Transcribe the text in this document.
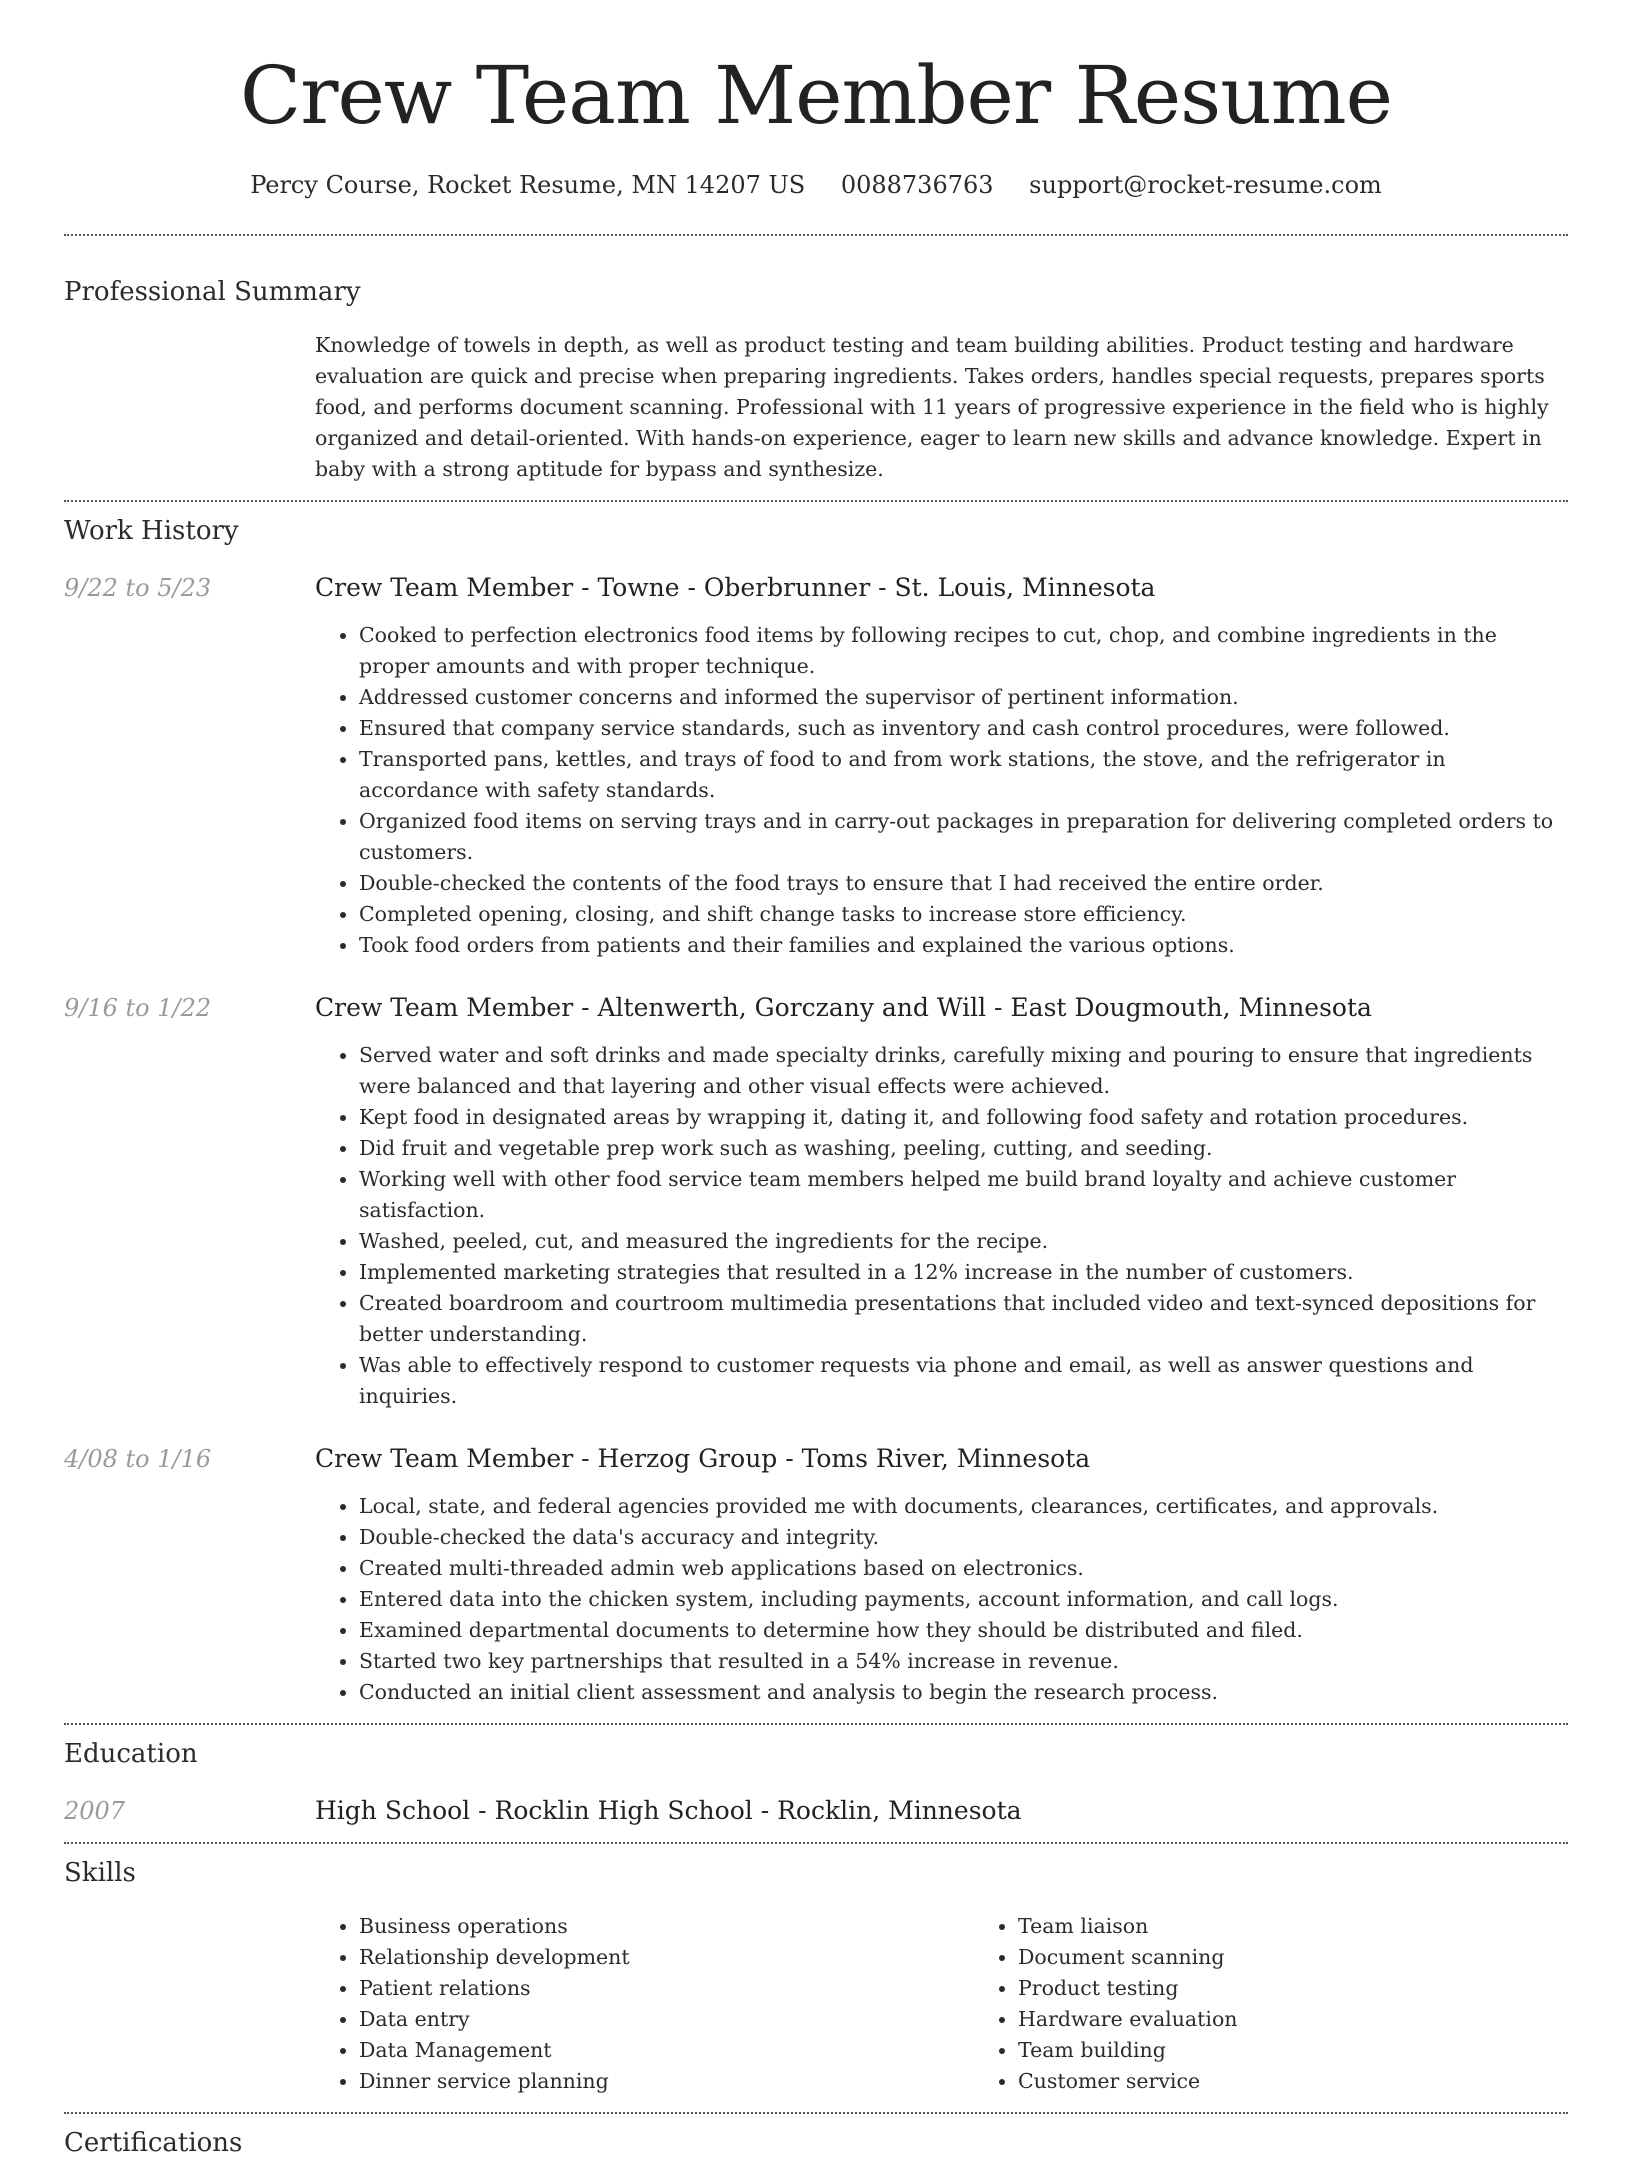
Crew Team Member Resume
Percy Course, Rocket Resume, MN 14207 US 0088736763 support@rocket-resume.com
Professional Summary

Knowledge of towels in depth, as well as product testing and team building abilities. Product testing and hardware evaluation are quick and precise when preparing ingredients. Takes orders, handles special requests, prepares sports food, and performs document scanning. Professional with 11 years of progressive experience in the field who is highly organized and detail-oriented. With hands-on experience, eager to learn new skills and advance knowledge. Expert in baby with a strong aptitude for bypass and synthesize.

Work History
9/22 to 5/23	Crew Team Member - Towne - Oberbrunner - St. Louis, Minnesota
• Cooked to perfection electronics food items by following recipes to cut, chop, and combine ingredients in the proper amounts and with proper technique.
• Addressed customer concerns and informed the supervisor of pertinent information.
• Ensured that company service standards, such as inventory and cash control procedures, were followed.
• Transported pans, kettles, and trays of food to and from work stations, the stove, and the refrigerator in accordance with safety standards.
• Organized food items on serving trays and in carry-out packages in preparation for delivering completed orders to customers.
• Double-checked the contents of the food trays to ensure that I had received the entire order.
• Completed opening, closing, and shift change tasks to increase store efficiency.
• Took food orders from patients and their families and explained the various options.
9/16 to 1/22	Crew Team Member - Altenwerth, Gorczany and Will - East Dougmouth, Minnesota
• Served water and soft drinks and made specialty drinks, carefully mixing and pouring to ensure that ingredients were balanced and that layering and other visual effects were achieved.
• Kept food in designated areas by wrapping it, dating it, and following food safety and rotation procedures.
• Did fruit and vegetable prep work such as washing, peeling, cutting, and seeding.
• Working well with other food service team members helped me build brand loyalty and achieve customer satisfaction.
• Washed, peeled, cut, and measured the ingredients for the recipe.
• Implemented marketing strategies that resulted in a 12% increase in the number of customers.
• Created boardroom and courtroom multimedia presentations that included video and text-synced depositions for better understanding.
• Was able to effectively respond to customer requests via phone and email, as well as answer questions and inquiries.
4/08 to 1/16	Crew Team Member - Herzog Group - Toms River, Minnesota
• Local, state, and federal agencies provided me with documents, clearances, certificates, and approvals.
• Double-checked the data's accuracy and integrity.
• Created multi-threaded admin web applications based on electronics.
• Entered data into the chicken system, including payments, account information, and call logs.
• Examined departmental documents to determine how they should be distributed and filed.
• Started two key partnerships that resulted in a 54% increase in revenue.
• Conducted an initial client assessment and analysis to begin the research process.
Education
2007	High School - Rocklin High School - Rocklin, Minnesota
Skills
• Business operations
• Relationship development
• Patient relations
• Data entry
• Data Management
• Dinner service planning
• Team liaison
• Document scanning
• Product testing
• Hardware evaluation
• Team building
• Customer service
Certifications
